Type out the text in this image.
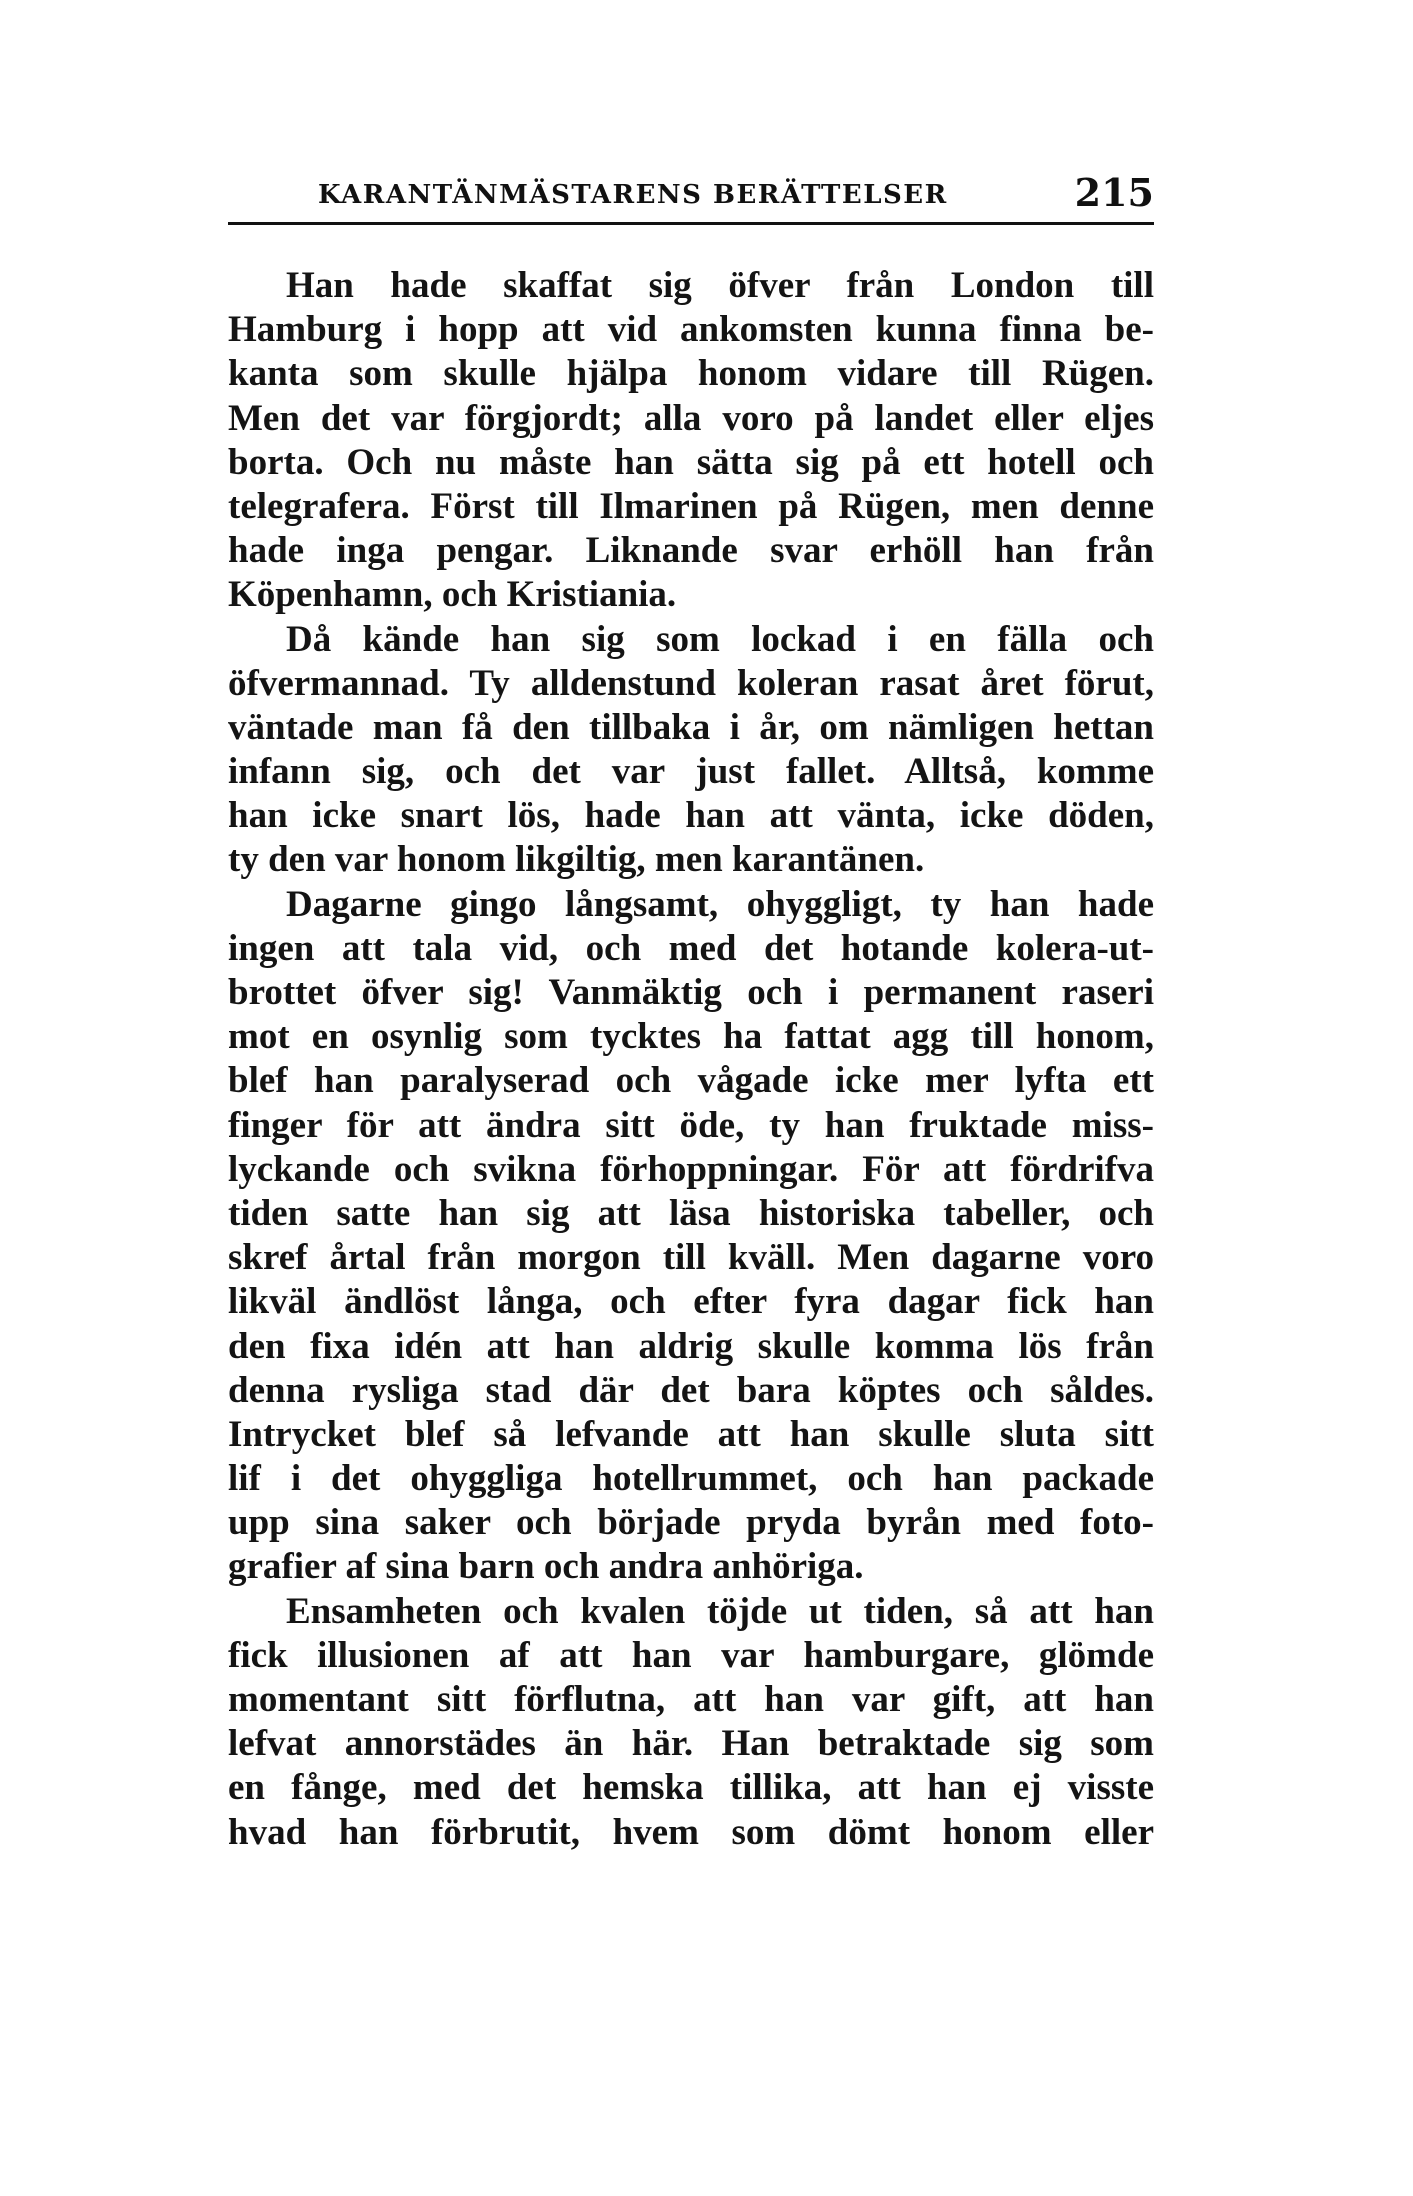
KARANTÄNMÄSTARENS BERÄTTELSER	215
Han hade skaffat sig öfver från London till
Hamburg i hopp att vid ankomsten kunna finna be-
kanta som skulle hjälpa honom vidare till Rügen.
Men det var förgjordt; alla voro på landet eller eljes
borta. Och nu måste han sätta sig på ett hotell och
telegrafera. Först till Ilmarinen på Rügen, men denne
hade inga pengar. Liknande svar erhöll han från
Köpenhamn, och Kristiania.
Då kände han sig som lockad i en fälla och
öfvermannad. Ty alldenstund koleran rasat året förut,
väntade man få den tillbaka i år, om nämligen hettan
infann sig, och det var just fallet. Alltså, komme
han icke snart lös, hade han att vänta, icke döden,
ty den var honom likgiltig, men karantänen.
Dagarne gingo långsamt, ohyggligt, ty han hade
ingen att tala vid, och med det hotande kolera-ut-
brottet öfver sig! Vanmäktig och i permanent raseri
mot en osynlig som tycktes ha fattat agg till honom,
blef han paralyserad och vågade icke mer lyfta ett
finger för att ändra sitt öde, ty han fruktade miss-
lyckande och svikna förhoppningar. För att fördrifva
tiden satte han sig att läsa historiska tabeller, och
skref årtal från morgon till kväll. Men dagarne voro
likväl ändlöst långa, och efter fyra dagar fick han
den fixa idén att han aldrig skulle komma lös från
denna rysliga stad där det bara köptes och såldes.
Intrycket blef så lefvande att han skulle sluta sitt
lif i det ohyggliga hotellrummet, och han packade
upp sina saker och började pryda byrån med foto-
grafier af sina barn och andra anhöriga.
Ensamheten och kvalen töjde ut tiden, så att han
fick illusionen af att han var hamburgare, glömde
momentant sitt förflutna, att han var gift, att han
lefvat annorstädes än här. Han betraktade sig som
en fånge, med det hemska tillika, att han ej visste
hvad han förbrutit, hvem som dömt honom eller
